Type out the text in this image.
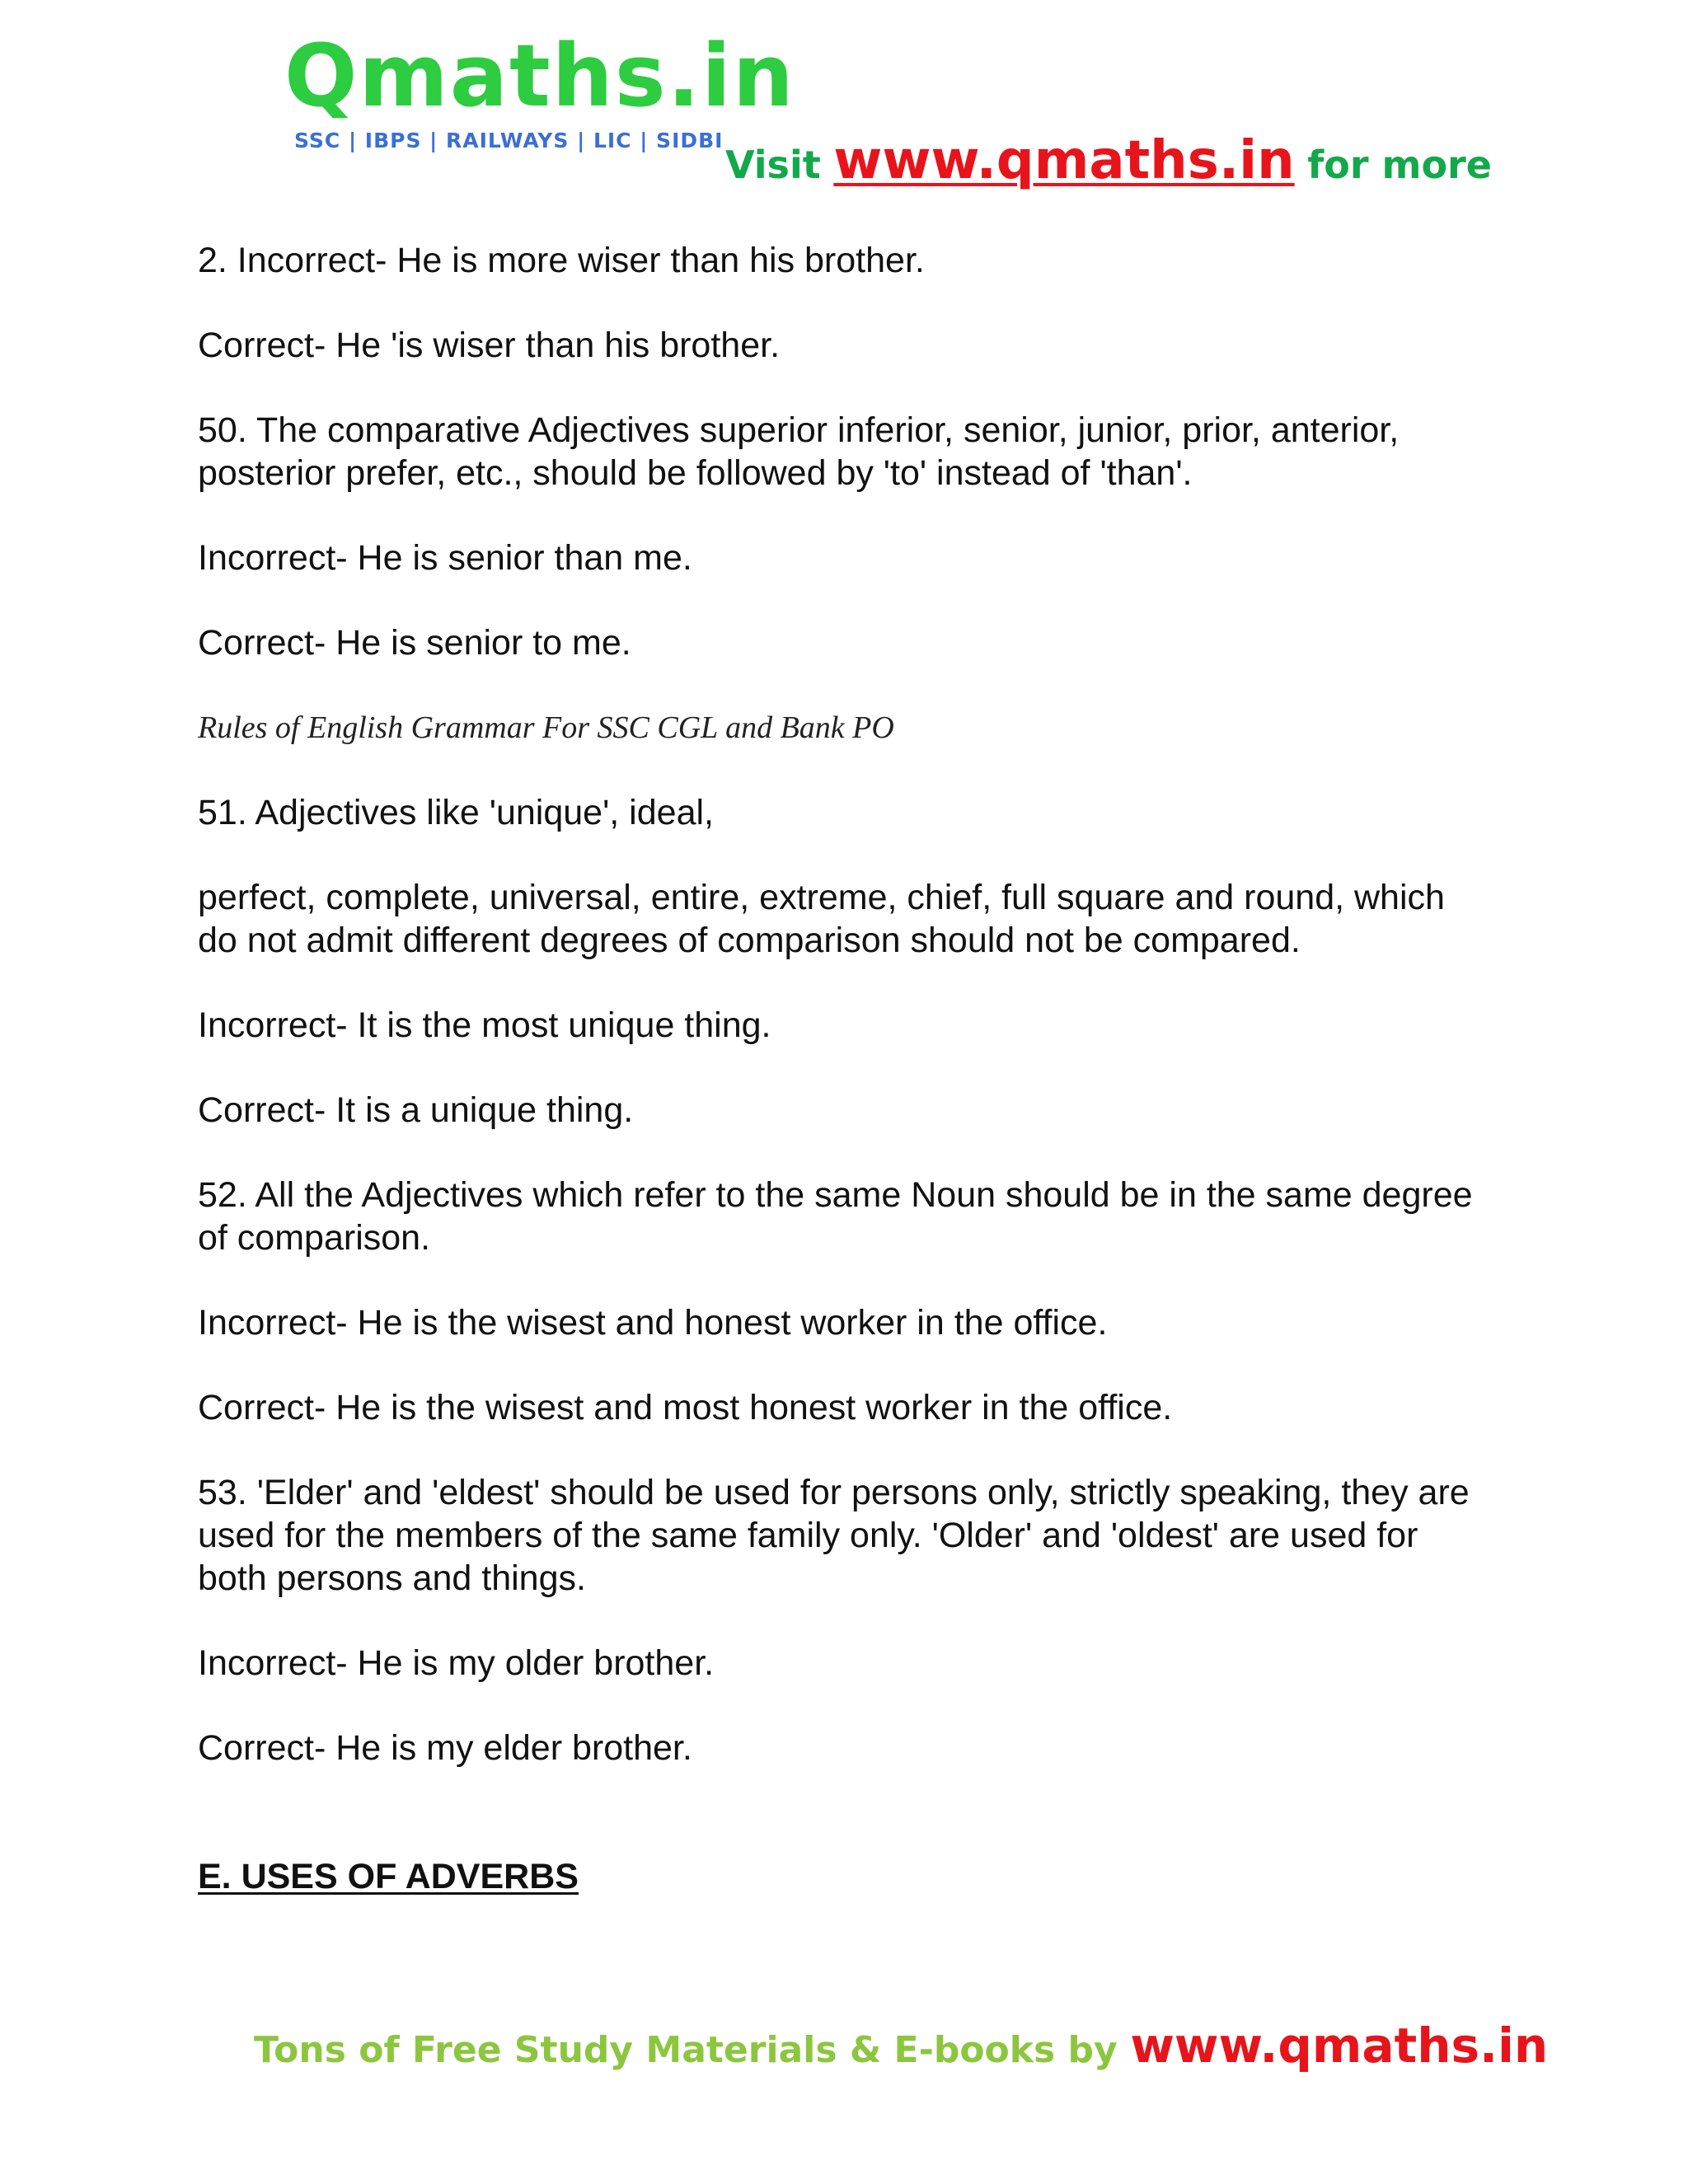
Qmaths.in
SSC | IBPS | RAILWAYS | LIC | SIDBI
Visit www.qmaths.in for more

2. Incorrect- He is more wiser than his brother.

Correct- He 'is wiser than his brother.

50. The comparative Adjectives superior inferior, senior, junior, prior, anterior, posterior prefer, etc., should be followed by 'to' instead of 'than'.

Incorrect- He is senior than me.

Correct- He is senior to me.

Rules of English Grammar For SSC CGL and Bank PO

51. Adjectives like 'unique', ideal,

perfect, complete, universal, entire, extreme, chief, full square and round, which do not admit different degrees of comparison should not be compared.

Incorrect- It is the most unique thing.

Correct- It is a unique thing.

52. All the Adjectives which refer to the same Noun should be in the same degree of comparison.

Incorrect- He is the wisest and honest worker in the office.

Correct- He is the wisest and most honest worker in the office.

53. 'Elder' and 'eldest' should be used for persons only, strictly speaking, they are used for the members of the same family only. 'Older' and 'oldest' are used for both persons and things.

Incorrect- He is my older brother.

Correct- He is my elder brother.

E. USES OF ADVERBS
Tons of Free Study Materials & E-books by www.qmaths.in
